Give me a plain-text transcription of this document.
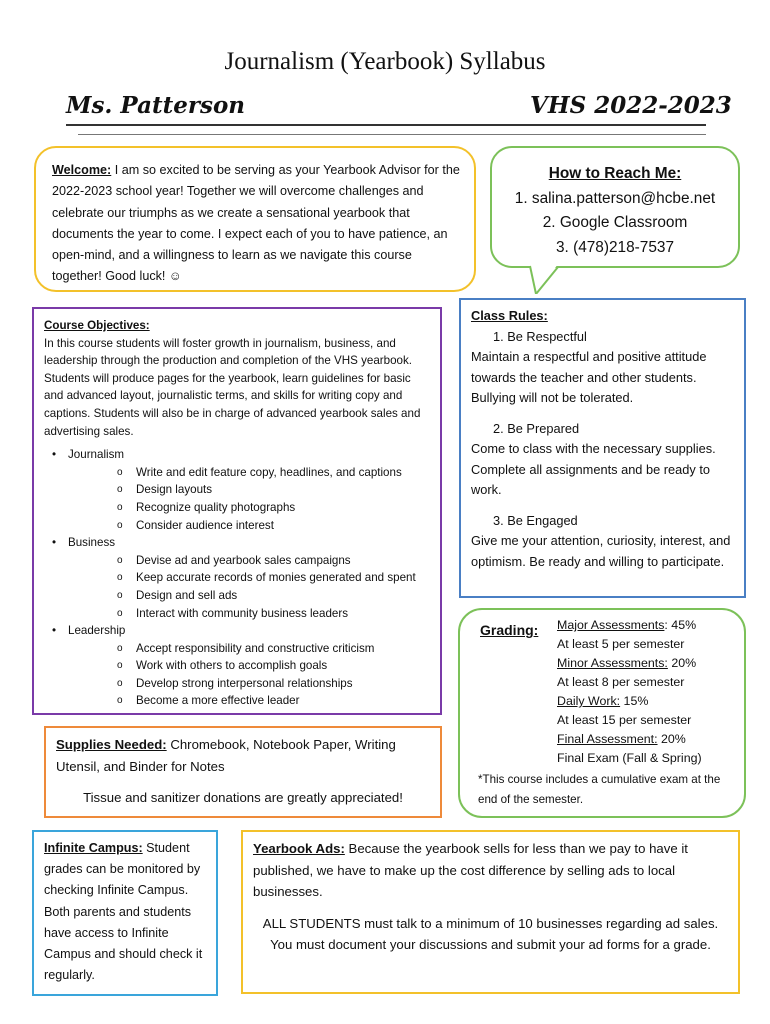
Journalism (Yearbook) Syllabus
Ms. Patterson	VHS 2022-2023
Welcome: I am so excited to be serving as your Yearbook Advisor for the 2022-2023 school year! Together we will overcome challenges and celebrate our triumphs as we create a sensational yearbook that documents the year to come. I expect each of you to have patience, an open-mind, and a willingness to learn as we navigate this course together! Good luck! ☺
How to Reach Me:
1. salina.patterson@hcbe.net
2. Google Classroom
3. (478)218-7537
Course Objectives:
In this course students will foster growth in journalism, business, and leadership through the production and completion of the VHS yearbook. Students will produce pages for the yearbook, learn guidelines for basic and advanced layout, journalistic terms, and skills for writing copy and captions. Students will also be in charge of advanced yearbook sales and advertising sales.
• Journalism
o Write and edit feature copy, headlines, and captions
o Design layouts
o Recognize quality photographs
o Consider audience interest
• Business
o Devise ad and yearbook sales campaigns
o Keep accurate records of monies generated and spent
o Design and sell ads
o Interact with community business leaders
• Leadership
o Accept responsibility and constructive criticism
o Work with others to accomplish goals
o Develop strong interpersonal relationships
o Become a more effective leader
Class Rules:
1. Be Respectful
Maintain a respectful and positive attitude towards the teacher and other students. Bullying will not be tolerated.
2. Be Prepared
Come to class with the necessary supplies. Complete all assignments and be ready to work.
3. Be Engaged
Give me your attention, curiosity, interest, and optimism. Be ready and willing to participate.
Grading: Major Assessments: 45%
At least 5 per semester
Minor Assessments: 20%
At least 8 per semester
Daily Work: 15%
At least 15 per semester
Final Assessment: 20%
Final Exam (Fall & Spring)
*This course includes a cumulative exam at the end of the semester.
Supplies Needed: Chromebook, Notebook Paper, Writing Utensil, and Binder for Notes
Tissue and sanitizer donations are greatly appreciated!
Infinite Campus: Student grades can be monitored by checking Infinite Campus. Both parents and students have access to Infinite Campus and should check it regularly.
Yearbook Ads: Because the yearbook sells for less than we pay to have it published, we have to make up the cost difference by selling ads to local businesses.
ALL STUDENTS must talk to a minimum of 10 businesses regarding ad sales. You must document your discussions and submit your ad forms for a grade.
